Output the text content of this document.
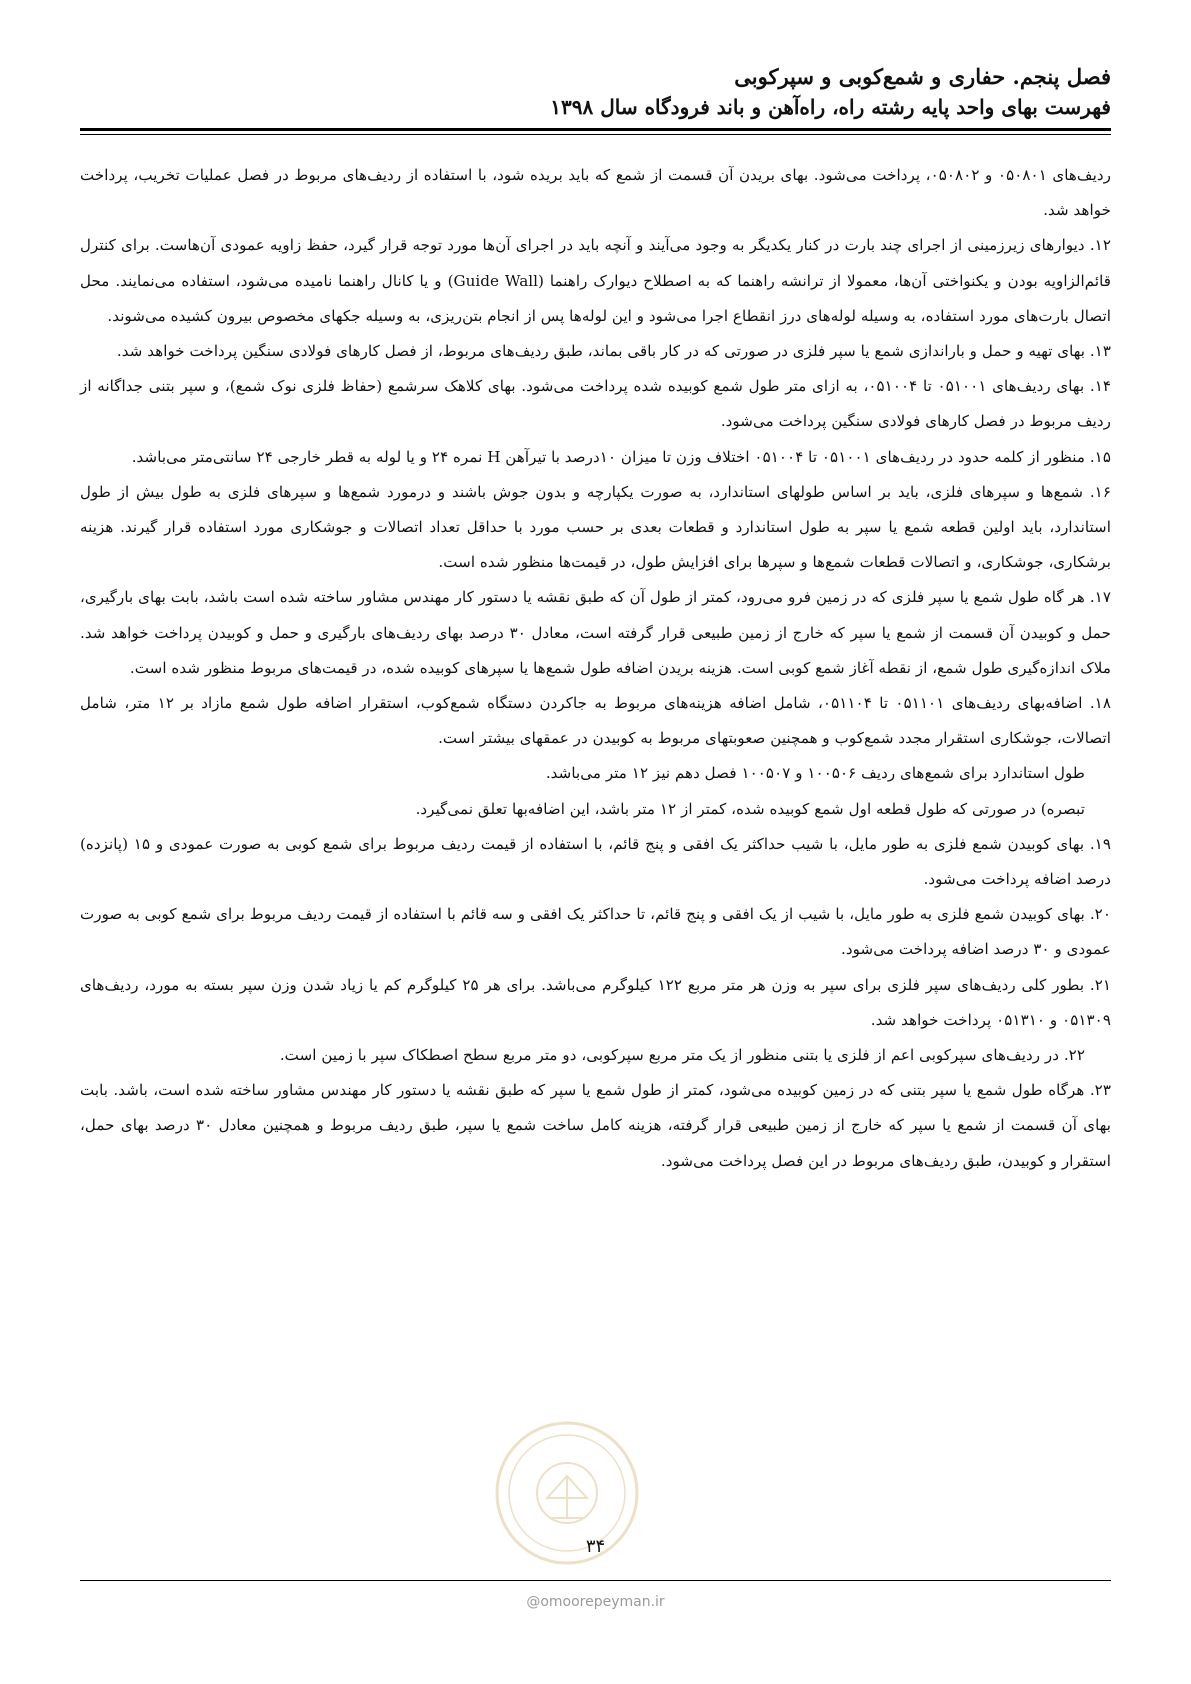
فصل پنجم. حفاری و شمع‌کوبی و سپرکوبی

فهرست بهای واحد پایه رشته راه، راه‌آهن و باند فرودگاه سال ۱۳۹۸

ردیف‌های ۰۵۰۸۰۱ و ۰۵۰۸۰۲، پرداخت می‌شود. بهای بریدن آن قسمت از شمع که باید بریده شود، با استفاده از ردیف‌های مربوط در فصل عملیات تخریب، پرداخت خواهد شد.

۱۲. دیوارهای زیرزمینی از اجرای چند بارت در کنار یکدیگر به وجود می‌آیند و آنچه باید در اجرای آن‌ها مورد توجه قرار گیرد، حفظ زاویه عمودی آن‌هاست. برای کنترل قائم‌الزاویه بودن و یکنواختی آن‌ها، معمولا از ترانشه راهنما که به اصطلاح دیوارک راهنما (Guide Wall) و یا کانال راهنما نامیده می‌شود، استفاده می‌نمایند. محل اتصال بارت‌های مورد استفاده، به وسیله لوله‌های درز انقطاع اجرا می‌شود و این لوله‌ها پس از انجام بتن‌ریزی، به وسیله جکهای مخصوص بیرون کشیده می‌شوند.

۱۳. بهای تهیه و حمل و باراندازی شمع یا سپر فلزی در صورتی که در کار باقی بماند، طبق ردیف‌های مربوط، از فصل کارهای فولادی سنگین پرداخت خواهد شد.

۱۴. بهای ردیف‌های ۰۵۱۰۰۱ تا ۰۵۱۰۰۴، به ازای متر طول شمع کوبیده شده پرداخت می‌شود. بهای کلاهک سرشمع (حفاظ فلزی نوک شمع)، و سپر بتنی جداگانه از ردیف مربوط در فصل کارهای فولادی سنگین پرداخت می‌شود.

۱۵. منظور از کلمه حدود در ردیف‌های ۰۵۱۰۰۱ تا ۰۵۱۰۰۴ اختلاف وزن تا میزان ۱۰درصد با تیرآهن H نمره ۲۴ و یا لوله به قطر خارجی ۲۴ سانتی‌متر می‌باشد.

۱۶. شمع‌ها و سپرهای فلزی، باید بر اساس طولهای استاندارد، به صورت یکپارچه و بدون جوش باشند و درمورد شمع‌ها و سپرهای فلزی به طول بیش از طول استاندارد، باید اولین قطعه شمع یا سپر به طول استاندارد و قطعات بعدی بر حسب مورد با حداقل تعداد اتصالات و جوشکاری مورد استفاده قرار گیرند. هزینه برشکاری، جوشکاری، و اتصالات قطعات شمع‌ها و سپرها برای افزایش طول، در قیمت‌ها منظور شده است.

۱۷. هر گاه طول شمع یا سپر فلزی که در زمین فرو می‌رود، کمتر از طول آن که طبق نقشه یا دستور کار مهندس مشاور ساخته شده است باشد، بابت بهای بارگیری، حمل و کوبیدن آن قسمت از شمع یا سپر که خارج از زمین طبیعی قرار گرفته است، معادل ۳۰ درصد بهای ردیف‌های بارگیری و حمل و کوبیدن پرداخت خواهد شد. ملاک اندازه‌گیری طول شمع، از نقطه آغاز شمع کوبی است. هزینه بریدن اضافه طول شمع‌ها یا سپرهای کوبیده شده، در قیمت‌های مربوط منظور شده است.

۱۸. اضافه‌بهای ردیف‌های ۰۵۱۱۰۱ تا ۰۵۱۱۰۴، شامل اضافه هزینه‌های مربوط به جاکردن دستگاه شمع‌کوب، استقرار اضافه طول شمع مازاد بر ۱۲ متر، شامل اتصالات، جوشکاری استقرار مجدد شمع‌کوب و همچنین صعوبتهای مربوط به کوبیدن در عمقهای بیشتر است.

طول استاندارد برای شمع‌های ردیف ۱۰۰۵۰۶ و ۱۰۰۵۰۷ فصل دهم نیز ۱۲ متر می‌باشد.

تبصره) در صورتی که طول قطعه اول شمع کوبیده شده، کمتر از ۱۲ متر باشد، این اضافه‌بها تعلق نمی‌گیرد.

۱۹. بهای کوبیدن شمع فلزی به طور مایل، با شیب حداکثر یک افقی و پنج قائم، با استفاده از قیمت ردیف مربوط برای شمع کوبی به صورت عمودی و ۱۵ (پانزده) درصد اضافه پرداخت می‌شود.

۲۰. بهای کوبیدن شمع فلزی به طور مایل، با شیب از یک افقی و پنج قائم، تا حداکثر یک افقی و سه قائم با استفاده از قیمت ردیف مربوط برای شمع کوبی به صورت عمودی و ۳۰ درصد اضافه پرداخت می‌شود.

۲۱. بطور کلی ردیف‌های سپر فلزی برای سپر به وزن هر متر مربع ۱۲۲ کیلوگرم می‌باشد. برای هر ۲۵ کیلوگرم کم یا زیاد شدن وزن سپر بسته به مورد، ردیف‌های ۰۵۱۳۰۹ و ۰۵۱۳۱۰ پرداخت خواهد شد.

۲۲. در ردیف‌های سپرکوبی اعم از فلزی یا بتنی منظور از یک متر مربع سپرکوبی، دو متر مربع سطح اصطکاک سپر با زمین است.

۲۳. هرگاه طول شمع یا سپر بتنی که در زمین کوبیده می‌شود، کمتر از طول شمع یا سپر که طبق نقشه یا دستور کار مهندس مشاور ساخته شده است، باشد. بابت بهای آن قسمت از شمع یا سپر که خارج از زمین طبیعی قرار گرفته، هزینه کامل ساخت شمع یا سپر، طبق ردیف مربوط و همچنین معادل ۳۰ درصد بهای حمل، استقرار و کوبیدن، طبق ردیف‌های مربوط در این فصل پرداخت می‌شود.

۳۴
@omoorepeyman.ir
